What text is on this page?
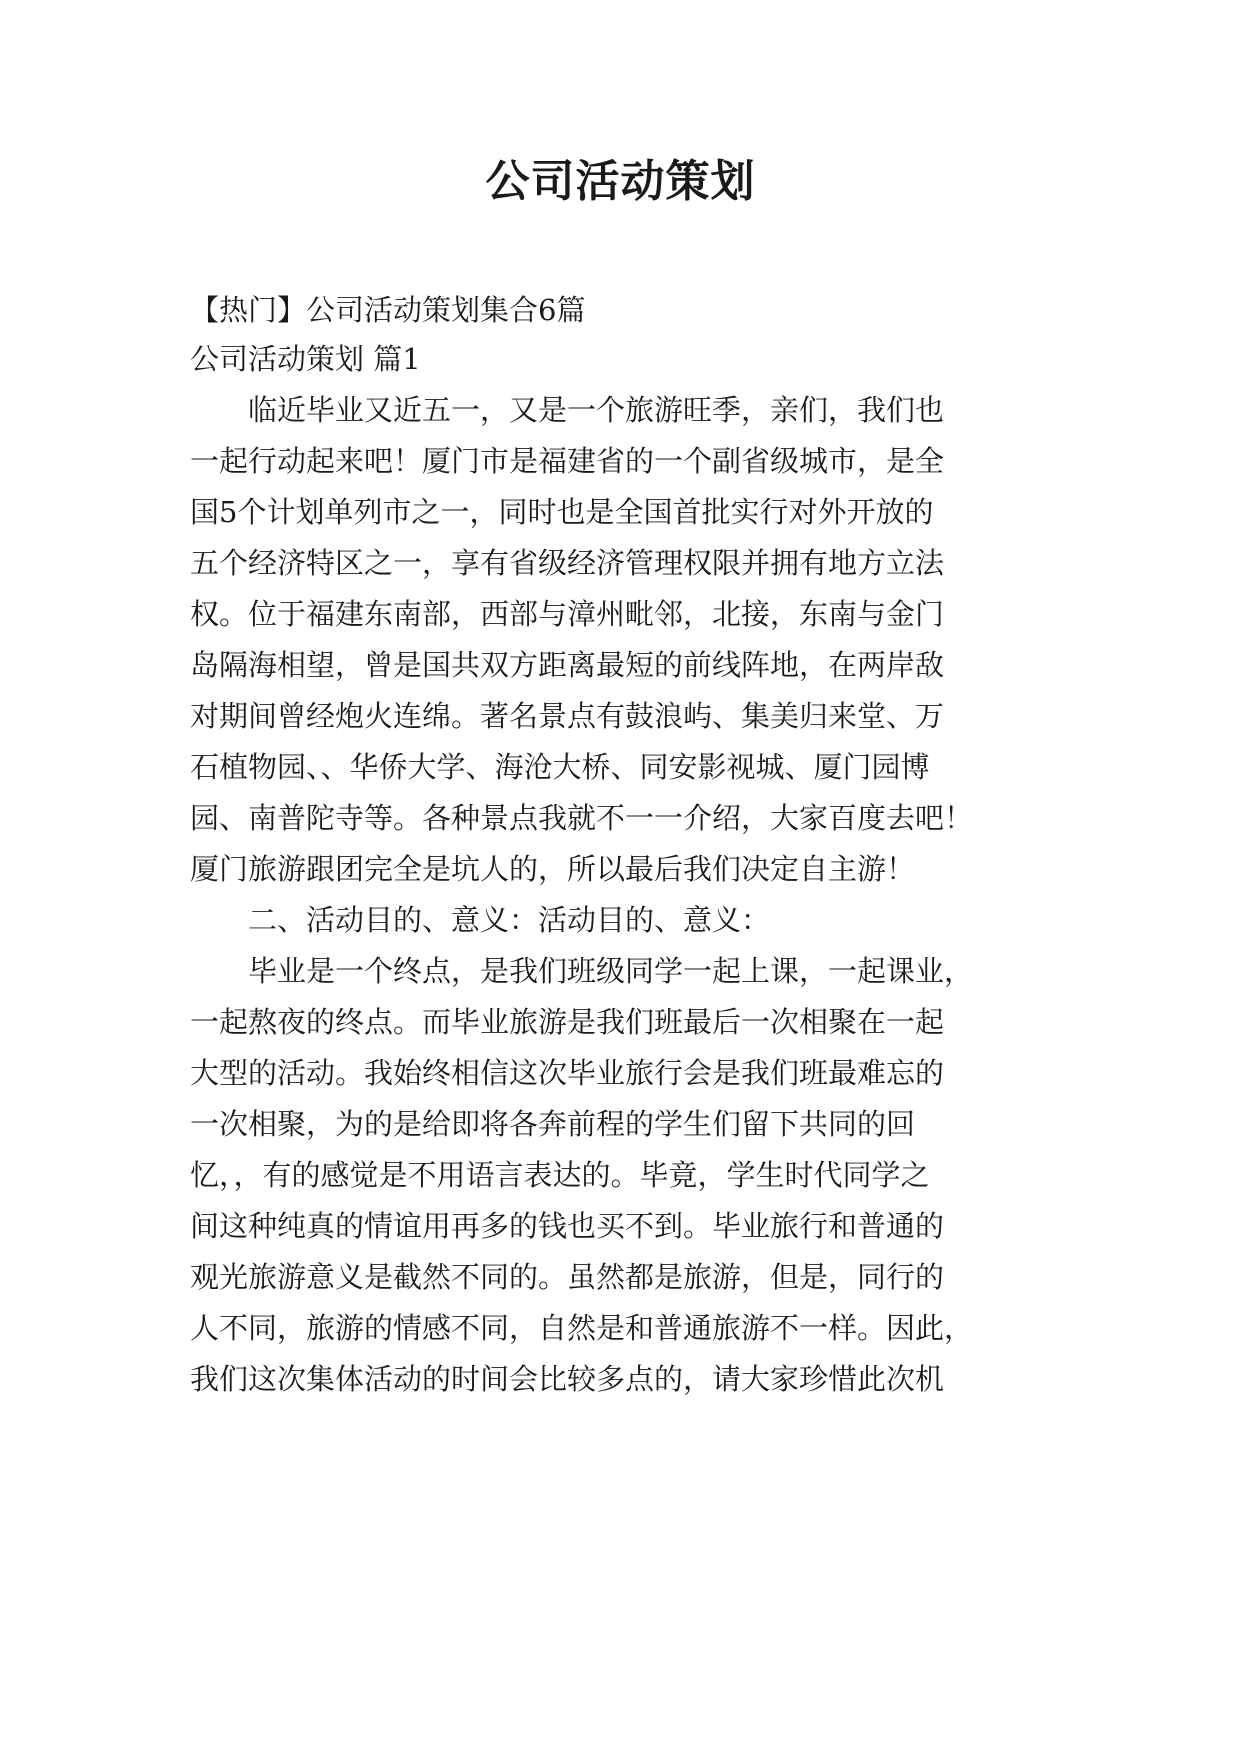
公司活动策划
【热门】公司活动策划集合6篇
公司活动策划 篇1
临近毕业又近五一，又是一个旅游旺季，亲们，我们也
一起行动起来吧！厦门市是福建省的一个副省级城市，是全
国5个计划单列市之一，同时也是全国首批实行对外开放的
五个经济特区之一，享有省级经济管理权限并拥有地方立法
权。位于福建东南部，西部与漳州毗邻，北接，东南与金门
岛隔海相望，曾是国共双方距离最短的前线阵地，在两岸敌
对期间曾经炮火连绵。著名景点有鼓浪屿、集美归来堂、万
石植物园、、华侨大学、海沧大桥、同安影视城、厦门园博
园、南普陀寺等。各种景点我就不一一介绍，大家百度去吧！
厦门旅游跟团完全是坑人的，所以最后我们决定自主游！
二、活动目的、意义：活动目的、意义：
毕业是一个终点，是我们班级同学一起上课，一起课业，
一起熬夜的终点。而毕业旅游是我们班最后一次相聚在一起
大型的活动。我始终相信这次毕业旅行会是我们班最难忘的
一次相聚，为的是给即将各奔前程的学生们留下共同的回
忆，，有的感觉是不用语言表达的。毕竟，学生时代同学之
间这种纯真的情谊用再多的钱也买不到。毕业旅行和普通的
观光旅游意义是截然不同的。虽然都是旅游，但是，同行的
人不同，旅游的情感不同，自然是和普通旅游不一样。因此，
我们这次集体活动的时间会比较多点的，请大家珍惜此次机
